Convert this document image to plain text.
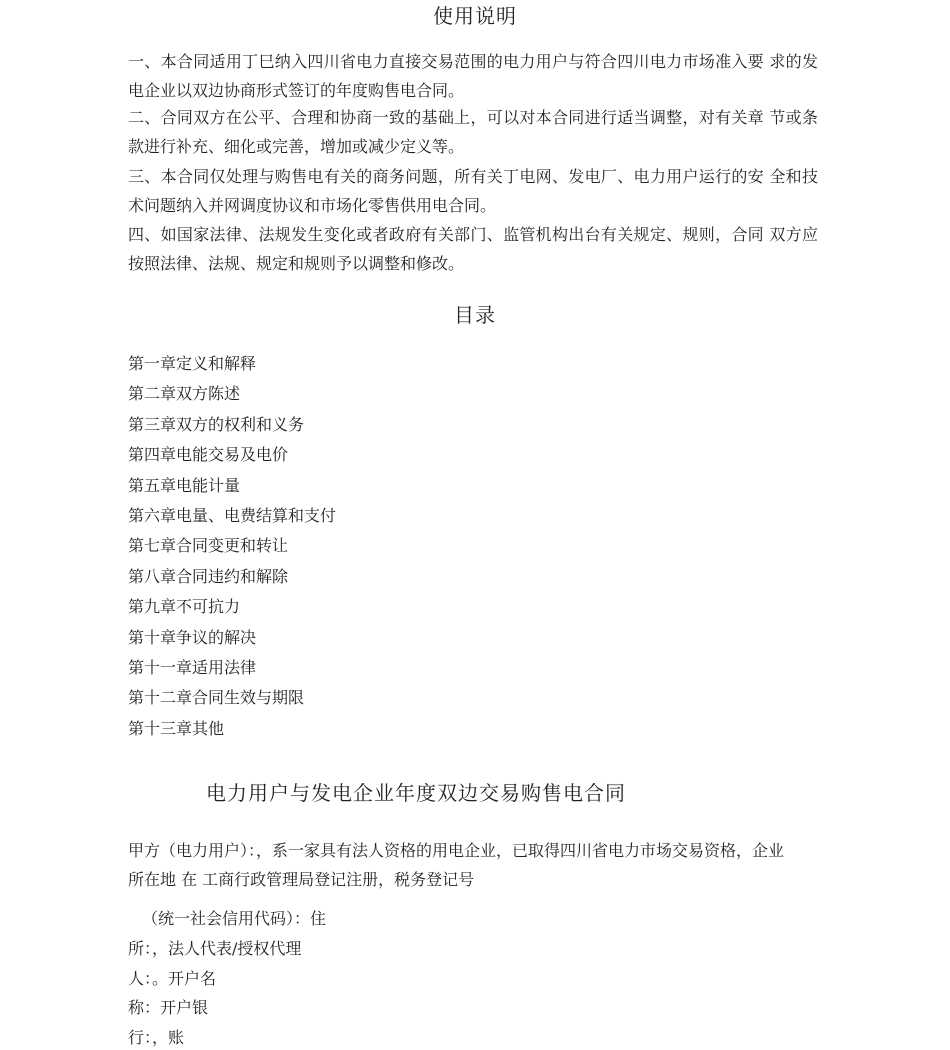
使用说明
一、本合同适用丁巳纳入四川省电力直接交易范围的电力用户与符合四川电力市场准入要 求的发电企业以双边协商形式签订的年度购售电合同。
二、合同双方在公平、合理和协商一致的基础上，可以对本合同进行适当调整，对有关章 节或条款进行补充、细化或完善，增加或减少定义等。
三、本合同仅处理与购售电有关的商务问题，所有关丁电网、发电厂、电力用户运行的安 全和技术问题纳入并网调度协议和市场化零售供用电合同。
四、如国家法律、法规发生变化或者政府有关部门、监管机构出台有关规定、规则，合同 双方应按照法律、法规、规定和规则予以调整和修改。
目录
第一章定义和解释
第二章双方陈述
第三章双方的权利和义务
第四章电能交易及电价
第五章电能计量
第六章电量、电费结算和支付
第七章合同变更和转让
第八章合同违约和解除
第九章不可抗力
第十章争议的解决
第十一章适用法律
第十二章合同生效与期限
第十三章其他
电力用户与发电企业年度双边交易购售电合同
甲方（电力用户）：，系一家具有法人资格的用电企业，已取得四川省电力市场交易资格，企业所在地 在 工商行政管理局登记注册，税务登记号
（统一社会信用代码）：住
所：，法人代表/授权代理
人：。开户名
称：开户银
行：，账
